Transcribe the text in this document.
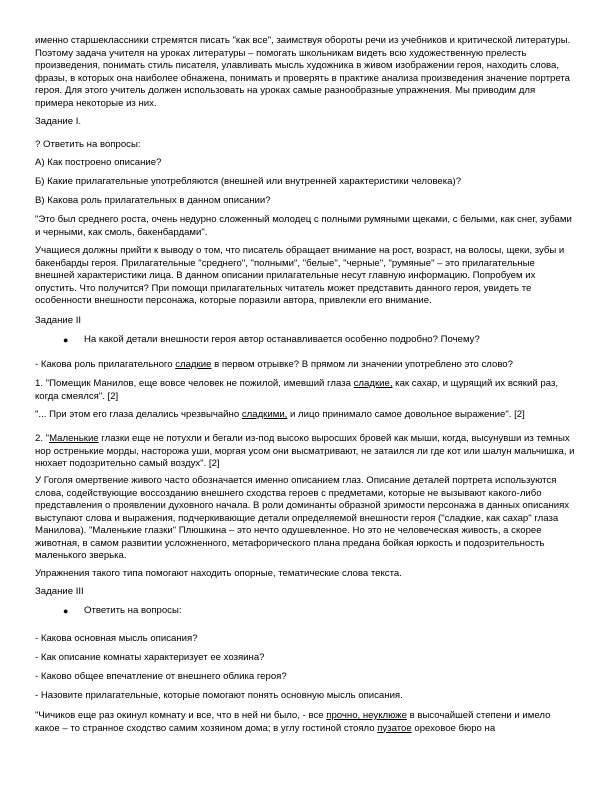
именно старшеклассники стремятся писать "как все", заимствуя обороты речи из учебников и критической литературы. Поэтому задача учителя на уроках литературы – помогать школьникам видеть всю художественную прелесть произведения, понимать стиль писателя, улавливать мысль художника в живом изображении героя, находить слова, фразы, в которых она наиболее обнажена, понимать и проверять в практике анализа произведения значение портрета героя. Для этого учитель должен использовать на уроках самые разнообразные упражнения. Мы приводим для примера некоторые из них.

Задание I.

? Ответить на вопросы:

А) Как построено описание?

Б) Какие прилагательные употребляются (внешней или внутренней характеристики человека)?

В) Какова роль прилагательных в данном описании?

"Это был среднего роста, очень недурно сложенный молодец с полными румяными щеками, с белыми, как снег, зубами и черными, как смоль, бакенбардами".

Учащиеся должны прийти к выводу о том, что писатель обращает внимание на рост, возраст, на волосы, щеки, зубы и бакенбарды героя. Прилагательные "среднего", "полными", "белые", "черные", "румяные" – это прилагательные внешней характеристики лица. В данном описании прилагательные несут главную информацию. Попробуем их опустить. Что получится? При помощи прилагательных читатель может представить данного героя, увидеть те особенности внешности персонажа, которые поразили автора, привлекли его внимание.

Задание II

● На какой детали внешности героя автор останавливается особенно подробно? Почему?

- Какова роль прилагательного сладкие в первом отрывке? В прямом ли значении употреблено это слово?

1. "Помещик Манилов, еще вовсе человек не пожилой, имевший глаза сладкие, как сахар, и щурящий их всякий раз, когда смеялся". [2]

"... При этом его глаза делались чрезвычайно сладкими, и лицо принимало самое довольное выражение". [2]

2. "Маленькие глазки еще не потухли и бегали из-под высоко выросших бровей как мыши, когда, высунувши из темных нор остренькие морды, насторожа уши, моргая усом они высматривают, не затаился ли где кот или шалун мальчишка, и нюхает подозрительно самый воздух". [2]

У Гоголя омертвение живого часто обозначается именно описанием глаз. Описание деталей портрета используются слова, содействующие воссозданию внешнего сходства героев с предметами, которые не вызывают какого-либо представления о проявлении духовного начала. В роли доминанты образной зримости персонажа в данных описаниях выступают слова и выражения, подчеркивающие детали определяемой внешности героя ("сладкие, как сахар" глаза Манилова). "Маленькие глазки" Плюшкина – это нечто одушевленное. Но это не человеческая живость, а скорее животная, в самом развитии усложненного, метафорического плана предана бойкая юркость и подозрительность маленького зверька.

Упражнения такого типа помогают находить опорные, тематические слова текста.

Задание III

● Ответить на вопросы:

- Какова основная мысль описания?

- Как описание комнаты характеризует ее хозяина?

- Каково общее впечатление от внешнего облика героя?

- Назовите прилагательные, которые помогают понять основную мысль описания.

"Чичиков еще раз окинул комнату и все, что в ней ни было, - все прочно, неуклюже в высочайшей степени и имело какое – то странное сходство самим хозяином дома; в углу гостиной стояло пузатое ореховое бюро на
